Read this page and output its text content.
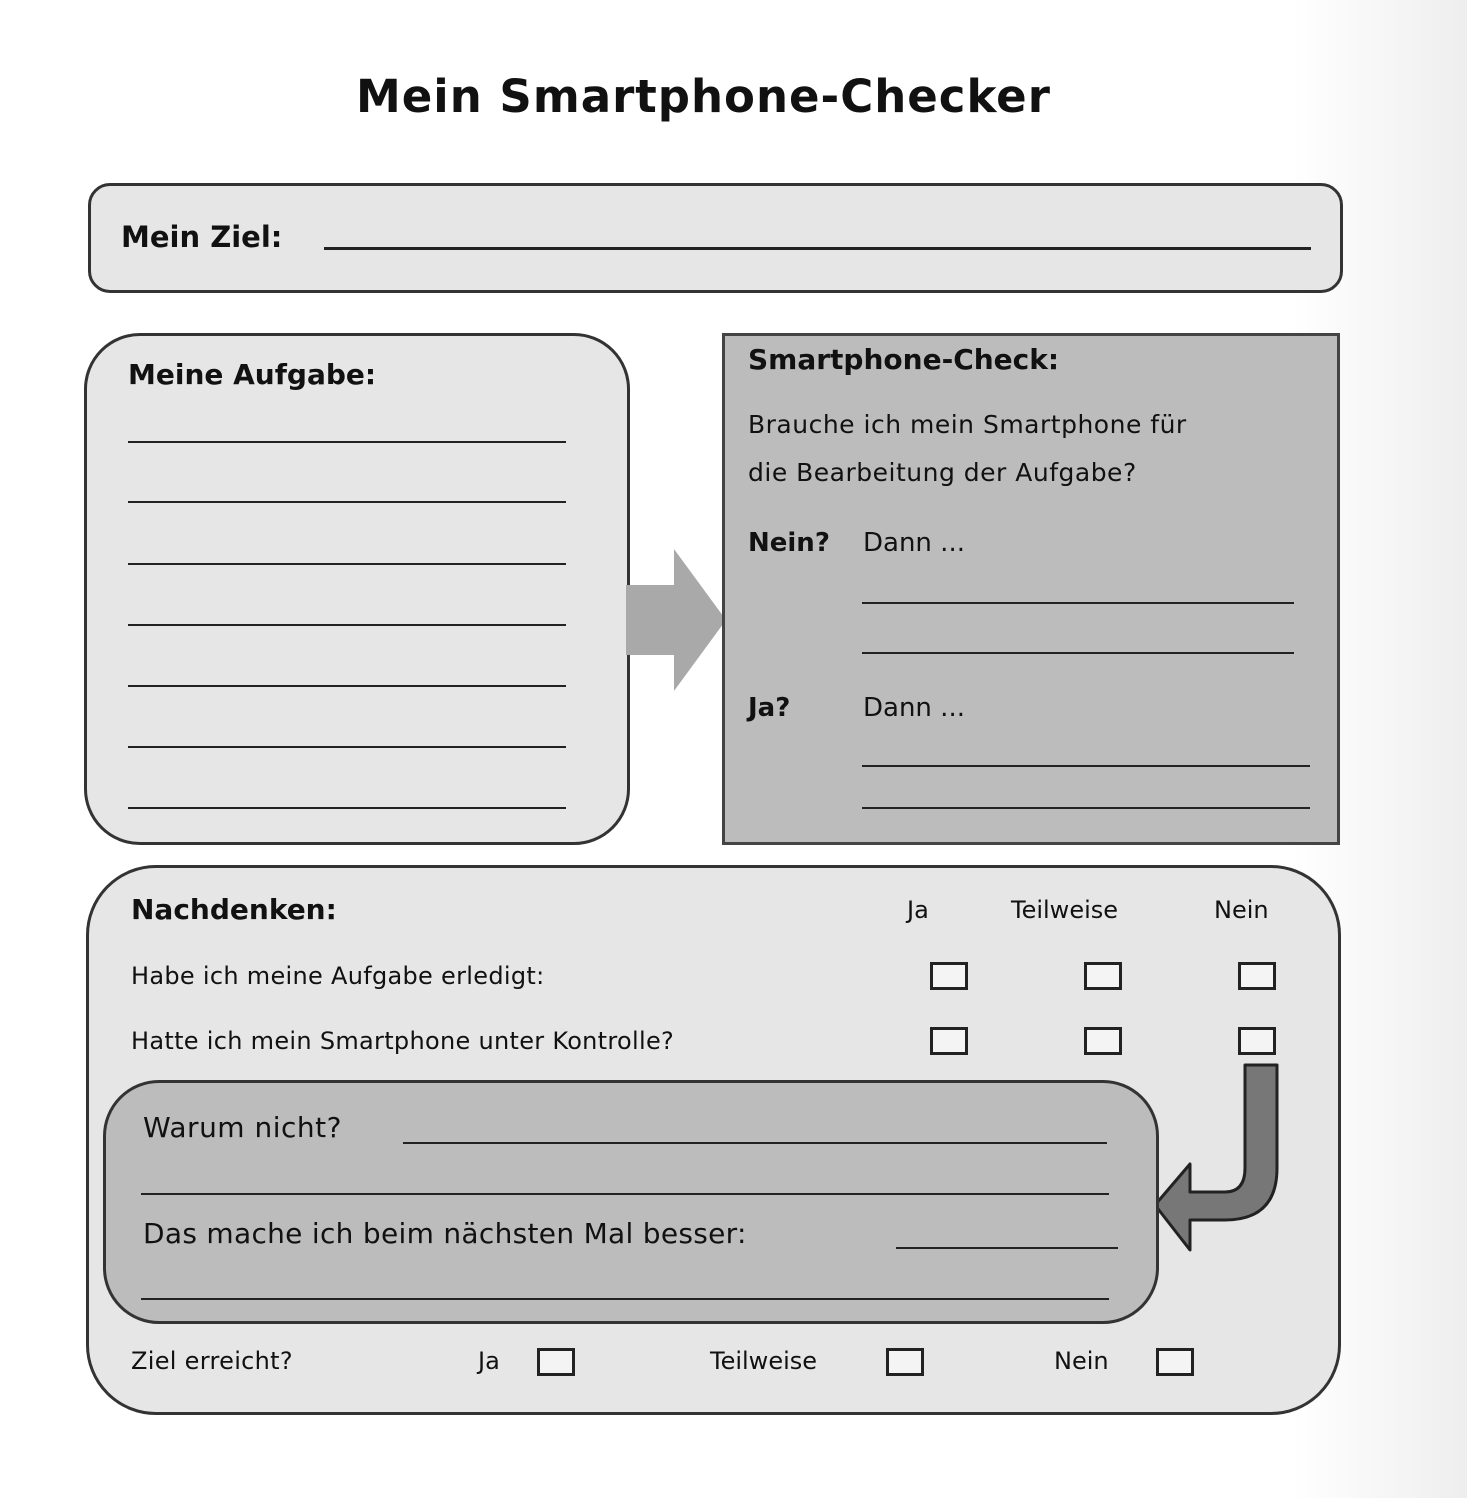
Mein Smartphone-Checker
Mein Ziel:
Meine Aufgabe:	Smartphone-Check:
Brauche ich mein Smartphone für
die Bearbeitung der Aufgabe?
Nein? Dann ...
Ja?	Dann ...
Nachdenken:	Ja	Teilweise	Nein
Habe ich meine Aufgabe erledigt:
Hatte ich mein Smartphone unter Kontrolle?
Warum nicht?
Das mache ich beim nächsten Mal besser:
Ziel erreicht?	Ja	Teilweise	Nein
